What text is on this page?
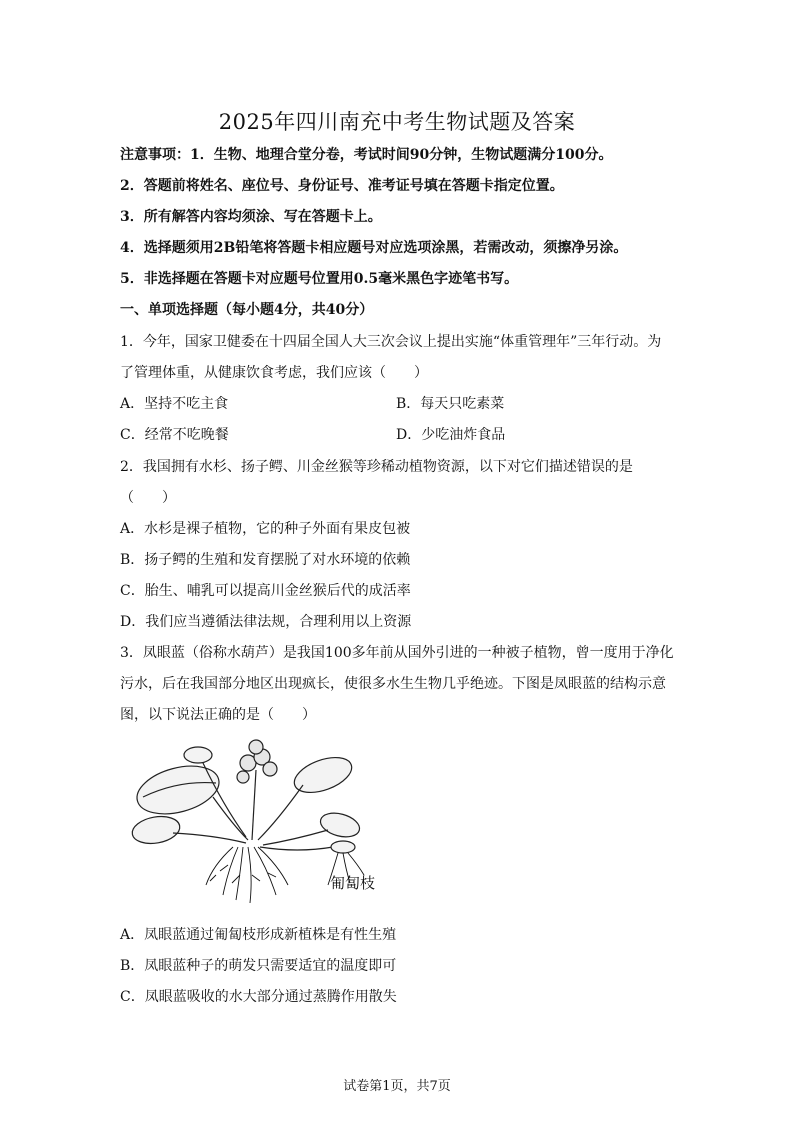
2025年四川南充中考生物试题及答案
注意事项：1．生物、地理合堂分卷，考试时间90分钟，生物试题满分100分。
2．答题前将姓名、座位号、身份证号、准考证号填在答题卡指定位置。
3．所有解答内容均须涂、写在答题卡上。
4．选择题须用2B铅笔将答题卡相应题号对应选项涂黑，若需改动，须擦净另涂。
5．非选择题在答题卡对应题号位置用0.5毫米黑色字迹笔书写。
一、单项选择题（每小题4分，共40分）
1．今年，国家卫健委在十四届全国人大三次会议上提出实施“体重管理年”三年行动。为
了管理体重，从健康饮食考虑，我们应该（　　）
A．坚持不吃主食	B．每天只吃素菜
C．经常不吃晚餐	D．少吃油炸食品
2．我国拥有水杉、扬子鳄、川金丝猴等珍稀动植物资源，以下对它们描述错误的是
（　　）
A．水杉是裸子植物，它的种子外面有果皮包被
B．扬子鳄的生殖和发育摆脱了对水环境的依赖
C．胎生、哺乳可以提高川金丝猴后代的成活率
D．我们应当遵循法律法规，合理利用以上资源
3．凤眼蓝（俗称水葫芦）是我国100多年前从国外引进的一种被子植物，曾一度用于净化
污水，后在我国部分地区出现疯长，使很多水生生物几乎绝迹。下图是凤眼蓝的结构示意
图，以下说法正确的是（　　）
匍匐枝
A．凤眼蓝通过匍匐枝形成新植株是有性生殖
B．凤眼蓝种子的萌发只需要适宜的温度即可
C．凤眼蓝吸收的水大部分通过蒸腾作用散失
试卷第1页，共7页
